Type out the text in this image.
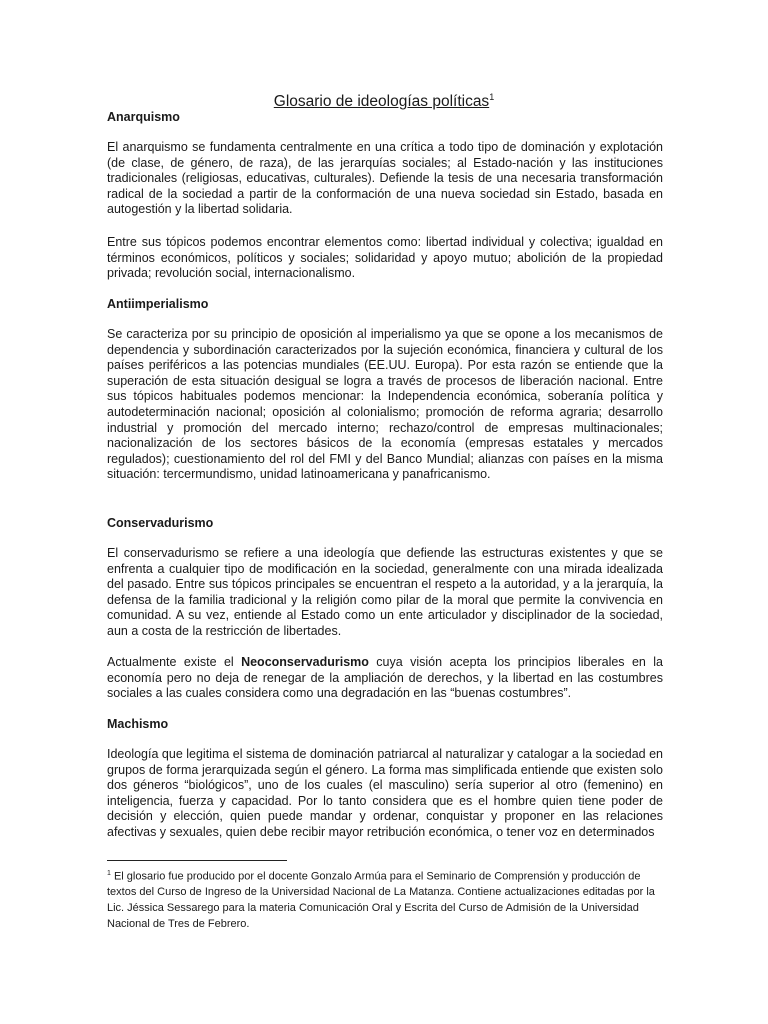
Glosario de ideologías políticas$^1$
Anarquismo

El anarquismo se fundamenta centralmente en una crítica a todo tipo de dominación y explotación (de clase, de género, de raza), de las jerarquías sociales; al Estado-nación y las instituciones tradicionales (religiosas, educativas, culturales). Defiende la tesis de una necesaria transformación radical de la sociedad a partir de la conformación de una nueva sociedad sin Estado, basada en autogestión y la libertad solidaria.

Entre sus tópicos podemos encontrar elementos como: libertad individual y colectiva; igualdad en términos económicos, políticos y sociales; solidaridad y apoyo mutuo; abolición de la propiedad privada; revolución social, internacionalismo.

Antiimperialismo

Se caracteriza por su principio de oposición al imperialismo ya que se opone a los mecanismos de dependencia y subordinación caracterizados por la sujeción económica, financiera y cultural de los países periféricos a las potencias mundiales (EE.UU. Europa). Por esta razón se entiende que la superación de esta situación desigual se logra a través de procesos de liberación nacional. Entre sus tópicos habituales podemos mencionar: la Independencia económica, soberanía política y autodeterminación nacional; oposición al colonialismo; promoción de reforma agraria; desarrollo industrial y promoción del mercado interno; rechazo/control de empresas multinacionales; nacionalización de los sectores básicos de la economía (empresas estatales y mercados regulados); cuestionamiento del rol del FMI y del Banco Mundial; alianzas con países en la misma situación: tercermundismo, unidad latinoamericana y panafricanismo.

Conservadurismo

El conservadurismo se refiere a una ideología que defiende las estructuras existentes y que se enfrenta a cualquier tipo de modificación en la sociedad, generalmente con una mirada idealizada del pasado. Entre sus tópicos principales se encuentran el respeto a la autoridad, y a la jerarquía, la defensa de la familia tradicional y la religión como pilar de la moral que permite la convivencia en comunidad. A su vez, entiende al Estado como un ente articulador y disciplinador de la sociedad, aun a costa de la restricción de libertades.

Actualmente existe el Neoconservadurismo cuya visión acepta los principios liberales en la economía pero no deja de renegar de la ampliación de derechos, y la libertad en las costumbres sociales a las cuales considera como una degradación en las “buenas costumbres”.

Machismo

Ideología que legitima el sistema de dominación patriarcal al naturalizar y catalogar a la sociedad en grupos de forma jerarquizada según el género. La forma mas simplificada entiende que existen solo dos géneros “biológicos”, uno de los cuales (el masculino) sería superior al otro (femenino) en inteligencia, fuerza y capacidad. Por lo tanto considera que es el hombre quien tiene poder de decisión y elección, quien puede mandar y ordenar, conquistar y proponer en las relaciones afectivas y sexuales, quien debe recibir mayor retribución económica, o tener voz en determinados

$^1$ El glosario fue producido por el docente Gonzalo Armúa para el Seminario de Comprensión y producción de textos del Curso de Ingreso de la Universidad Nacional de La Matanza. Contiene actualizaciones editadas por la Lic. Jéssica Sessarego para la materia Comunicación Oral y Escrita del Curso de Admisión de la Universidad Nacional de Tres de Febrero.
